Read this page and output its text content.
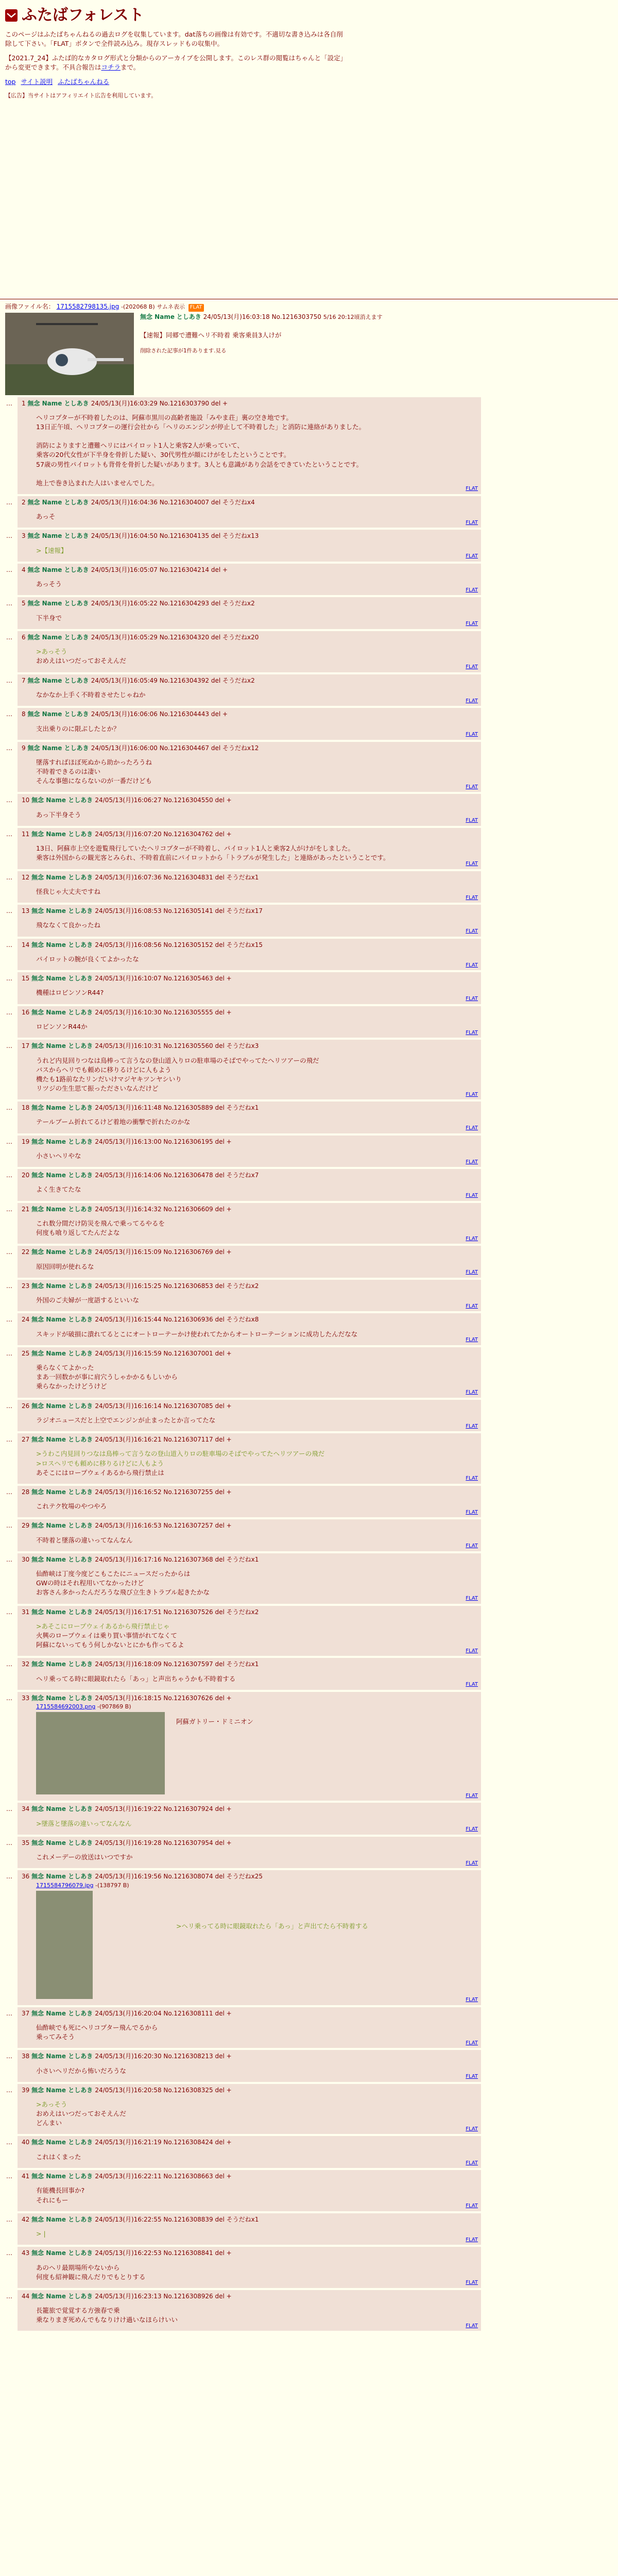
ふたばフォレスト

このページはふたばちゃんねるの過去ログを収集しています。dat落ちの画像は有効です。不適切な書き込みは各自削除して下さい。「FLAT」ボタンで全件読み込み。現存スレッドもの収集中。

【2021.7_24】ふたば的なカタログ形式と分類からのアーカイブを公開します。このレス群の閲覧はちゃんと「設定」から変更できます。不具合報告はコチラまで。

top サイト説明 ふたばちゃんねる
【広告】当サイトはアフィリエイト広告を利用しています。
画像ファイル名： 1715582798135.jpg -(202068 B) サムネ表示 FLAT
無念 Name としあき 24/05/13(月)16:03:18 No.1216303750 5/16 20:12頃消えます
【速報】同郷で遭難ヘリ不時着 乗客乗員3人けが
削除された記事が1件あります.見る
… 1 無念 Name としあき 24/05/13(月)16:03:29 No.1216303790 del +
ヘリコプターが不時着したのは、阿蘇市黒川の高齢者施設「みやま荘」裏の空き地です。
13日正午頃、ヘリコプターの運行会社から「ヘリのエンジンが停止して不時着した」と消防に連絡がありました。

消防によりますと遭難ヘリにはパイロット1人と乗客2人が乗っていて、
乗客の20代女性が下半身を骨折した疑い、30代男性が顔にけがをしたということです。
57歳の男性パイロットも背骨を骨折した疑いがあります。3人とも意識があり会話をできていたということです。

地上で巻き込まれた人はいませんでした。
FLAT
… 2 無念 Name としあき 24/05/13(月)16:04:36 No.1216304007 del そうだねx4
あっそ
FLAT
… 3 無念 Name としあき 24/05/13(月)16:04:50 No.1216304135 del そうだねx13
>【速報】
FLAT
… 4 無念 Name としあき 24/05/13(月)16:05:07 No.1216304214 del +
あっそう
FLAT
… 5 無念 Name としあき 24/05/13(月)16:05:22 No.1216304293 del そうだねx2
下半身で
FLAT
… 6 無念 Name としあき 24/05/13(月)16:05:29 No.1216304320 del そうだねx20
>あっそう
おめえはいつだっておそえんだ
FLAT
… 7 無念 Name としあき 24/05/13(月)16:05:49 No.1216304392 del そうだねx2
なかなか上手く不時着させたじゃねか
FLAT
… 8 無念 Name としあき 24/05/13(月)16:06:06 No.1216304443 del +
支出乗りのに限ぶしたとか？
FLAT
… 9 無念 Name としあき 24/05/13(月)16:06:00 No.1216304467 del そうだねx12
墜落すればほぼ死ぬから助かったろうね
不時着できるのは凄い
そんな事態にならないのが一番だけども
FLAT
… 10 無念 Name としあき 24/05/13(月)16:06:27 No.1216304550 del +
あっ下半身そう
FLAT
… 11 無念 Name としあき 24/05/13(月)16:07:20 No.1216304762 del +
13日、阿蘇市上空を遊覧飛行していたヘリコプターが不時着し、パイロット1人と乗客2人がけがをしました。
乗客は外国からの観光客とみられ、不時着直前にパイロットから「トラブルが発生した」と連絡があったということです。
FLAT
… 12 無念 Name としあき 24/05/13(月)16:07:36 No.1216304831 del そうだねx1
怪我じゃ大丈夫ですね
FLAT
… 13 無念 Name としあき 24/05/13(月)16:08:53 No.1216305141 del そうだねx17
飛ななくて良かったね
FLAT
… 14 無念 Name としあき 24/05/13(月)16:08:56 No.1216305152 del そうだねx15
パイロットの腕が良くてよかったな
FLAT
… 15 無念 Name としあき 24/05/13(月)16:10:07 No.1216305463 del +
機種はロビンソンR44?
FLAT
… 16 無念 Name としあき 24/05/13(月)16:10:30 No.1216305555 del +
ロビンソンR44か
FLAT
… 17 無念 Name としあき 24/05/13(月)16:10:31 No.1216305560 del そうだねx3
うれど内見回りつなは鳥棒って言うなの登山道入りロの駐車場のそばでやってたヘリツアーの飛だ
バスからヘリでも頼めに移りるけどに人もよう
機たも1路前なたリンだいけマジヤキツンヤシいり
リツジの生生思て振ったださいなんだけど
FLAT
… 18 無念 Name としあき 24/05/13(月)16:11:48 No.1216305889 del そうだねx1
テールブーム折れてるけど着地の衝撃で折れたのかな
FLAT
… 19 無念 Name としあき 24/05/13(月)16:13:00 No.1216306195 del +
小さいヘリやな
FLAT
… 20 無念 Name としあき 24/05/13(月)16:14:06 No.1216306478 del そうだねx7
よく生きてたな
FLAT
… 21 無念 Name としあき 24/05/13(月)16:14:32 No.1216306609 del +
これ数分間だけ防災を飛んで乗ってるやるを
何度も喰り返してたんだよな
FLAT
… 22 無念 Name としあき 24/05/13(月)16:15:09 No.1216306769 del +
原因回明が使れるな
FLAT
… 23 無念 Name としあき 24/05/13(月)16:15:25 No.1216306853 del そうだねx2
外国のご夫婦が一度語するといいな
FLAT
… 24 無念 Name としあき 24/05/13(月)16:15:44 No.1216306936 del そうだねx8
スキッドが破損に潰れてるとこにオートローテーかけ使われてたからオートローテーションに成功したんだなな
FLAT
… 25 無念 Name としあき 24/05/13(月)16:15:59 No.1216307001 del +
乗らなくてよかった
まあ一回数かが事に肩穴うしゃかかるもしいから
乗らなかったけどうけど
FLAT
… 26 無念 Name としあき 24/05/13(月)16:16:14 No.1216307085 del +
ラジオニュースだと上空でエンジンが止まったとか言ってたな
FLAT
… 27 無念 Name としあき 24/05/13(月)16:16:21 No.1216307117 del +
>うわこ内見回りつなは鳥棒って言うなの登山道入りロの駐車場のそばでやってたヘリツアーの飛だ
>ロスヘリでも頼めに移りるけどに人もよう
あそこにはロープウェイあるから飛行禁止は
FLAT
… 28 無念 Name としあき 24/05/13(月)16:16:52 No.1216307255 del +
これテク牧場のやつやろ
FLAT
… 29 無念 Name としあき 24/05/13(月)16:16:53 No.1216307257 del +
不時着と墜落の違いってなんなん
FLAT
… 30 無念 Name としあき 24/05/13(月)16:17:16 No.1216307368 del そうだねx1
仙酢峡は丁度今度どこもこたにニュースだったからは
GWの時はそれ程用いてなかったけど
お客さん多かったんだろうな飛び立生きトラブル起きたかな
FLAT
… 31 無念 Name としあき 24/05/13(月)16:17:51 No.1216307526 del そうだねx2
>あそこにロープウェイあるから飛行禁止じゃ
火興のロープウェイは乗り買い事情がれてなくて
阿蘇にないってもう何しかないとにかも作ってるよ
FLAT
… 32 無念 Name としあき 24/05/13(月)16:18:09 No.1216307597 del そうだねx1
ヘリ乗ってる時に眼鏡取れたら「あっ」と声出ちゃうかも不時着する
FLAT
… 33 無念 Name としあき 24/05/13(月)16:18:15 No.1216307626 del +
1715584692003.png -(907869 B)
阿蘇ガトリー・ドミニオン
FLAT
… 34 無念 Name としあき 24/05/13(月)16:19:22 No.1216307924 del +
>墜落と墜落の違いってなんなん
FLAT
… 35 無念 Name としあき 24/05/13(月)16:19:28 No.1216307954 del +
これメーデーの放送はいつですか
FLAT
… 36 無念 Name としあき 24/05/13(月)16:19:56 No.1216308074 del そうだねx25
1715584796079.jpg -(138797 B)
>ヘリ乗ってる時に眼鏡取れたら「あっ」と声出てたら不時着する
FLAT
… 37 無念 Name としあき 24/05/13(月)16:20:04 No.1216308111 del +
仙酢峡でも死にヘリコプター飛んでるから
乗ってみそう
FLAT
… 38 無念 Name としあき 24/05/13(月)16:20:30 No.1216308213 del +
小さいヘリだから怖いだろうな
FLAT
… 39 無念 Name としあき 24/05/13(月)16:20:58 No.1216308325 del +
>あっそう
おめえはいつだっておそえんだ
どんまい
FLAT
… 40 無念 Name としあき 24/05/13(月)16:21:19 No.1216308424 del +
これはくまった
FLAT
… 41 無念 Name としあき 24/05/13(月)16:22:11 No.1216308663 del +
有能機長回事か?
それにもー
FLAT
… 42 無念 Name としあき 24/05/13(月)16:22:55 No.1216308839 del そうだねx1
> |
FLAT
… 43 無念 Name としあき 24/05/13(月)16:22:53 No.1216308841 del +
あのヘリ最期場所やないから
何度も紹神観に飛んだりでもとりする
FLAT
… 44 無念 Name としあき 24/05/13(月)16:23:13 No.1216308926 del +
長籠旅で覚覚する方強春で乗
乗なりまぎ死めんでもなりけけ過いなほらけいい
FLAT
